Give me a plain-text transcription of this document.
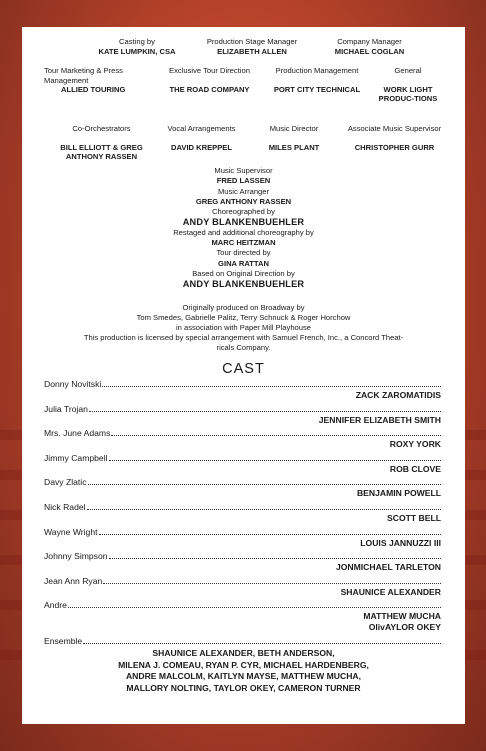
Casting by
KATE LUMPKIN, CSA
Production Stage Manager
ELIZABETH ALLEN
Company Manager
MICHAEL COGLAN
Tour Marketing & Press Management
ALLIED TOURING
Exclusive Tour Direction
THE ROAD COMPANY
Production Management
PORT CITY TECHNICAL
General
WORK LIGHT PRODUC-TIONS
Co-Orchestrators
BILL ELLIOTT & GREG ANTHONY RASSEN
Vocal Arrangements
DAVID KREPPEL
Music Director
MILES PLANT
Associate Music Supervisor
CHRISTOPHER GURR
Music Supervisor
FRED LASSEN
Music Arranger
GREG ANTHONY RASSEN
Choreographed by
ANDY BLANKENBUEHLER
Restaged and additional choreography by
MARC HEITZMAN
Tour directed by
GINA RATTAN
Based on Original Direction by
ANDY BLANKENBUEHLER
Originally produced on Broadway by
Tom Smedes, Gabrielle Palitz, Terry Schnuck & Roger Horchow
in association with Paper Mill Playhouse
This production is licensed by special arrangement with Samuel French, Inc., a Concord Theat-
ricals Company.
CAST
Donny Novitski
ZACK ZAROMATIDIS
Julia Trojan
JENNIFER ELIZABETH SMITH
Mrs. June Adams
ROXY YORK
Jimmy Campbell
ROB CLOVE
Davy Zlatic
BENJAMIN POWELL
Nick Radel
SCOTT BELL
Wayne Wright
LOUIS JANNUZZI III
Johnny Simpson
JONMICHAEL TARLETON
Jean Ann Ryan
SHAUNICE ALEXANDER
Andre
MATTHEW MUCHA
OlivAYLOR OKEY
Ensemble
SHAUNICE ALEXANDER, BETH ANDERSON,
MILENA J. COMEAU, RYAN P. CYR, MICHAEL HARDENBERG,
ANDRE MALCOLM, KAITLYN MAYSE, MATTHEW MUCHA,
MALLORY NOLTING, TAYLOR OKEY, CAMERON TURNER
